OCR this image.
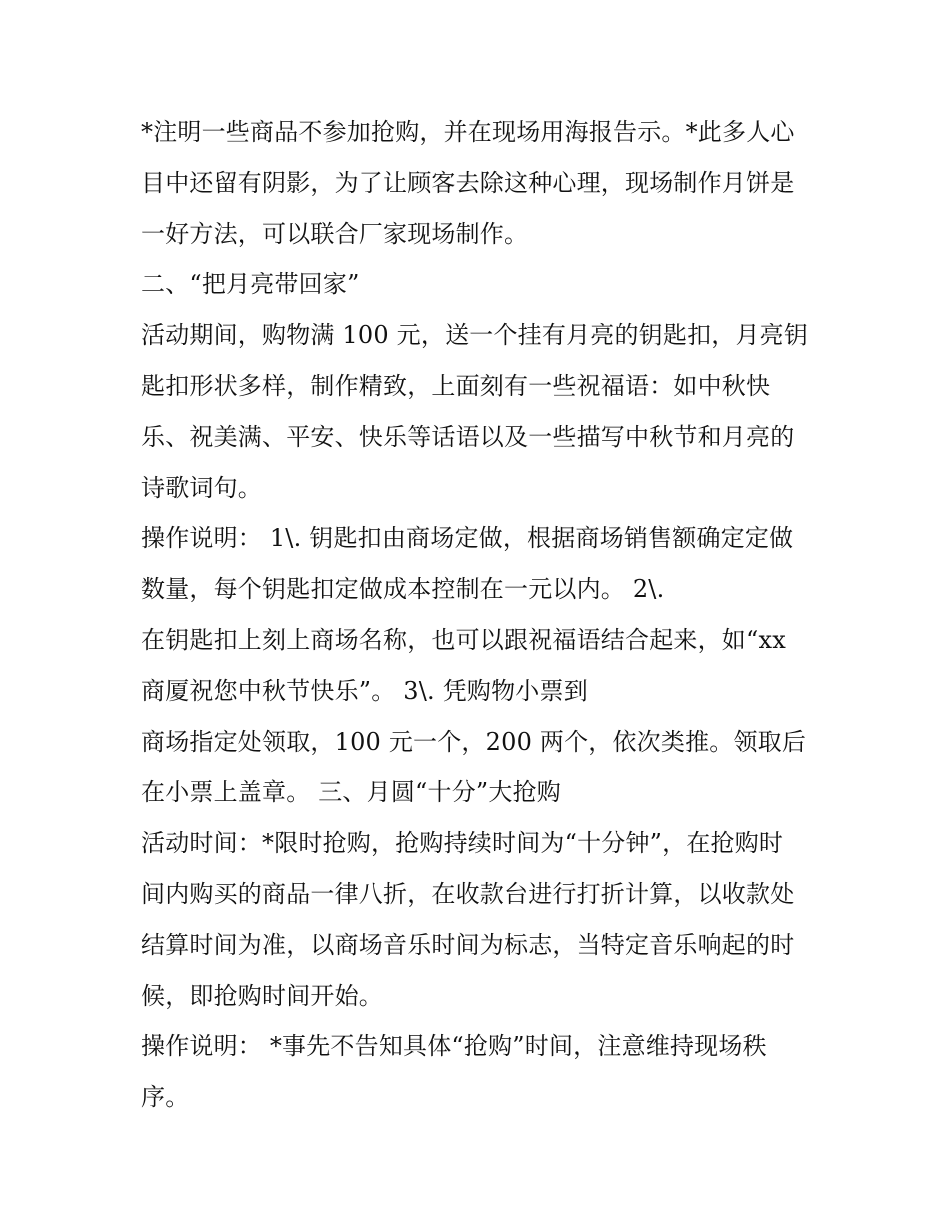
*注明一些商品不参加抢购，并在现场用海报告示。*此多人心

目中还留有阴影，为了让顾客去除这种心理，现场制作月饼是

一好方法，可以联合厂家现场制作。

二、“把月亮带回家”

活动期间，购物满 100 元，送一个挂有月亮的钥匙扣，月亮钥

匙扣形状多样，制作精致，上面刻有一些祝福语：如中秋快

乐、祝美满、平安、快乐等话语以及一些描写中秋节和月亮的

诗歌词句。

操作说明： 1\. 钥匙扣由商场定做，根据商场销售额确定定做

数量，每个钥匙扣定做成本控制在一元以内。 2\.

在钥匙扣上刻上商场名称，也可以跟祝福语结合起来，如“xx

商厦祝您中秋节快乐”。 3\. 凭购物小票到

商场指定处领取，100 元一个，200 两个，依次类推。领取后

在小票上盖章。 三、月圆“十分”大抢购

活动时间：*限时抢购，抢购持续时间为“十分钟”，在抢购时

间内购买的商品一律八折，在收款台进行打折计算，以收款处

结算时间为准，以商场音乐时间为标志，当特定音乐响起的时

候，即抢购时间开始。

操作说明： *事先不告知具体“抢购”时间，注意维持现场秩

序。
